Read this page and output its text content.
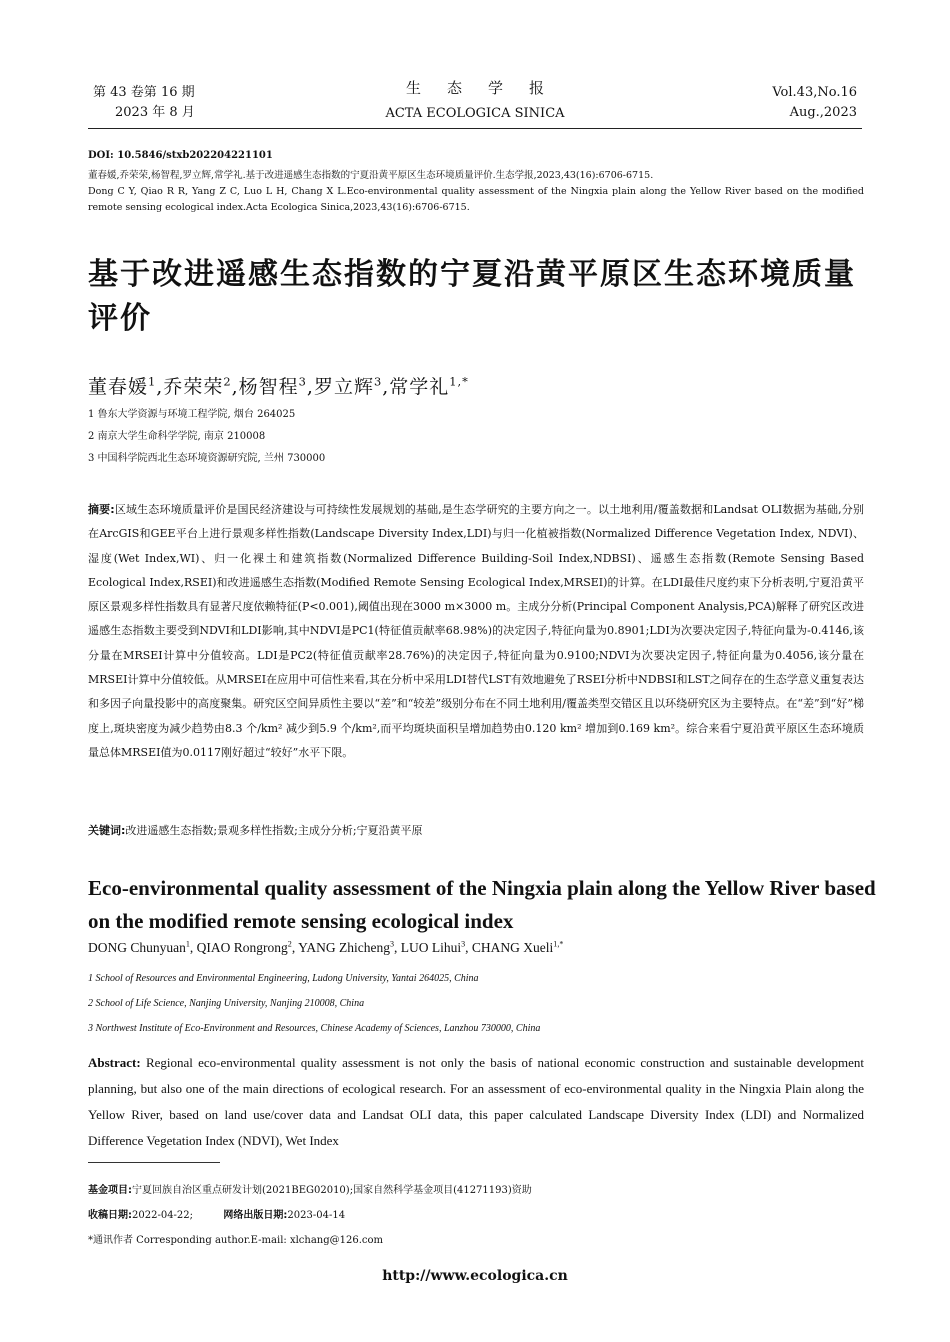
第 43 卷第 16 期
2023 年 8 月
生态学报
ACTA ECOLOGICA SINICA
Vol.43,No.16
Aug.,2023
DOI: 10.5846/stxb202204221101
董春媛,乔荣荣,杨智程,罗立辉,常学礼.基于改进遥感生态指数的宁夏沿黄平原区生态环境质量评价.生态学报,2023,43(16):6706-6715.
Dong C Y, Qiao R R, Yang Z C, Luo L H, Chang X L.Eco-environmental quality assessment of the Ningxia plain along the Yellow River based on the modified remote sensing ecological index.Acta Ecologica Sinica,2023,43(16):6706-6715.
基于改进遥感生态指数的宁夏沿黄平原区生态环境质量评价
董春媛$^1$,乔荣荣$^2$,杨智程$^3$,罗立辉$^3$,常学礼$^{1,*}$
1 鲁东大学资源与环境工程学院, 烟台 264025
2 南京大学生命科学学院, 南京 210008
3 中国科学院西北生态环境资源研究院, 兰州 730000
摘要:区域生态环境质量评价是国民经济建设与可持续性发展规划的基础,是生态学研究的主要方向之一。以土地利用/覆盖数据和Landsat OLI数据为基础,分别在ArcGIS和GEE平台上进行景观多样性指数(Landscape Diversity Index,LDI)与归一化植被指数(Normalized Difference Vegetation Index, NDVI)、湿度(Wet Index,WI)、归一化裸土和建筑指数(Normalized Difference Building-Soil Index,NDBSI)、遥感生态指数(Remote Sensing Based Ecological Index,RSEI)和改进遥感生态指数(Modified Remote Sensing Ecological Index,MRSEI)的计算。在LDI最佳尺度约束下分析表明,宁夏沿黄平原区景观多样性指数具有显著尺度依赖特征(P<0.001),阈值出现在3000 m×3000 m。主成分分析(Principal Component Analysis,PCA)解释了研究区改进遥感生态指数主要受到NDVI和LDI影响,其中NDVI是PC1(特征值贡献率68.98%)的决定因子,特征向量为0.8901;LDI为次要决定因子,特征向量为-0.4146,该分量在MRSEI计算中分值较高。LDI是PC2(特征值贡献率28.76%)的决定因子,特征向量为0.9100;NDVI为次要决定因子,特征向量为0.4056,该分量在MRSEI计算中分值较低。从MRSEI在应用中可信性来看,其在分析中采用LDI替代LST有效地避免了RSEI分析中NDBSI和LST之间存在的生态学意义重复表达和多因子向量投影中的高度聚集。研究区空间异质性主要以“差”和“较差”级别分布在不同土地利用/覆盖类型交错区且以环绕研究区为主要特点。在“差”到“好”梯度上,斑块密度为减少趋势由8.3 个/km² 减少到5.9 个/km²,而平均斑块面积呈增加趋势由0.120 km² 增加到0.169 km²。综合来看宁夏沿黄平原区生态环境质量总体MRSEI值为0.0117刚好超过“较好”水平下限。
关键词:改进遥感生态指数;景观多样性指数;主成分分析;宁夏沿黄平原
Eco-environmental quality assessment of the Ningxia plain along the Yellow River based on the modified remote sensing ecological index
DONG Chunyuan$^1$, QIAO Rongrong$^2$, YANG Zhicheng$^3$, LUO Lihui$^3$, CHANG Xueli$^{1,*}$
1 School of Resources and Environmental Engineering, Ludong University, Yantai 264025, China
2 School of Life Science, Nanjing University, Nanjing 210008, China
3 Northwest Institute of Eco-Environment and Resources, Chinese Academy of Sciences, Lanzhou 730000, China
Abstract: Regional eco-environmental quality assessment is not only the basis of national economic construction and sustainable development planning, but also one of the main directions of ecological research. For an assessment of eco-environmental quality in the Ningxia Plain along the Yellow River, based on land use/cover data and Landsat OLI data, this paper calculated Landscape Diversity Index (LDI) and Normalized Difference Vegetation Index (NDVI), Wet Index
基金项目:宁夏回族自治区重点研发计划(2021BEG02010);国家自然科学基金项目(41271193)资助
收稿日期:2022-04-22;	网络出版日期:2023-04-14
*通讯作者 Corresponding author.E-mail: xlchang@126.com
http://www.ecologica.cn
